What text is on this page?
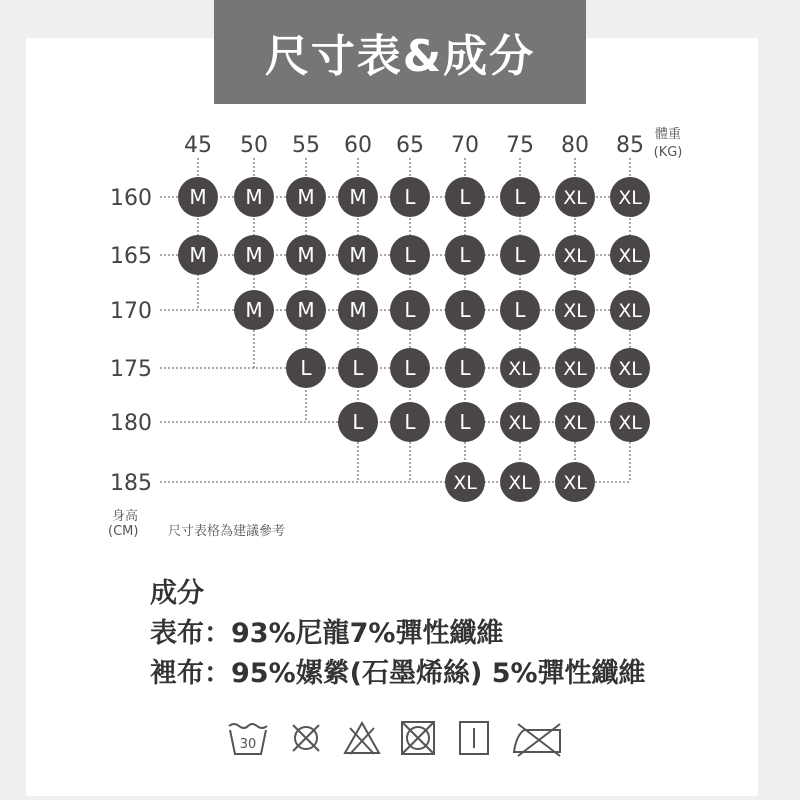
尺寸表&成分
45 50 55 60 65 70 75 80 85 體重
(KG)
160
165
170
175
180
185
身高
(CM) 尺寸表格為建議參考
M M M M L L L XL XL
M M M M L L L XL XL
M M M L L L XL XL
L L L L XL XL XL
L L L XL XL XL
XL XL XL
成分
表布：93%尼龍7%彈性纖維
裡布：95%嫘縈(石墨烯絲) 5%彈性纖維
30
